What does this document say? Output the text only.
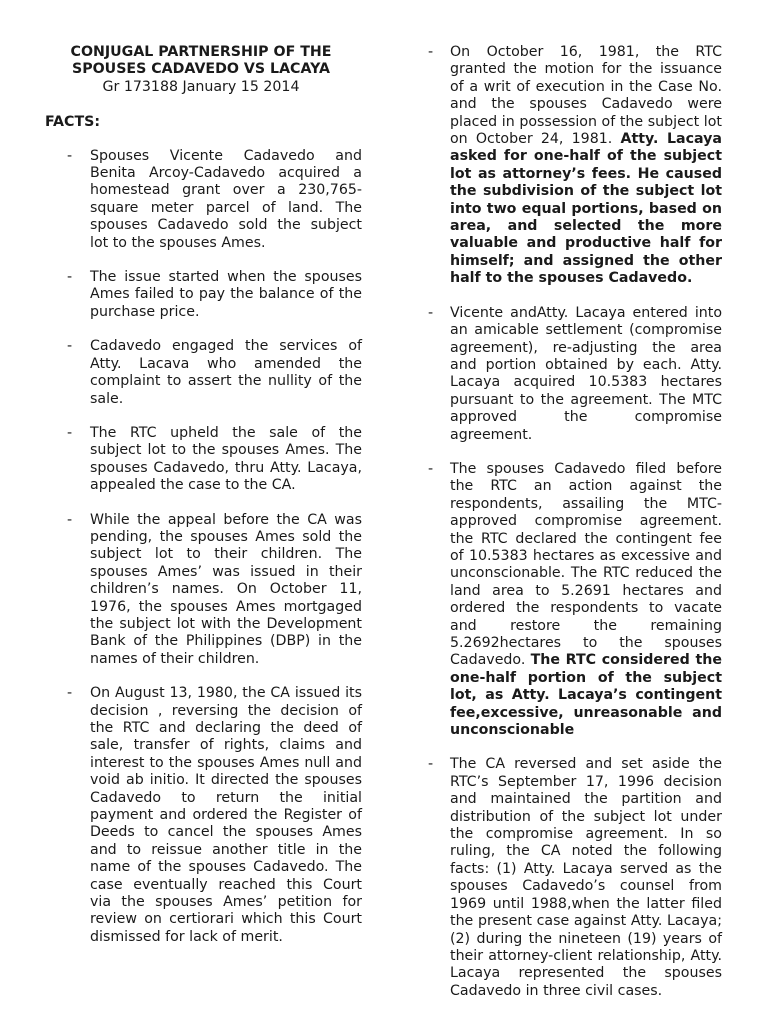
CONJUGAL PARTNERSHIP OF THE
SPOUSES CADAVEDO VS LACAYA
Gr 173188 January 15 2014
FACTS:
- Spouses Vicente Cadavedo and Benita Arcoy-Cadavedo acquired a homestead grant over a 230,765-square meter parcel of land. The spouses Cadavedo sold the subject lot to the spouses Ames.
- The issue started when the spouses Ames failed to pay the balance of the purchase price.
- Cadavedo engaged the services of Atty. Lacava who amended the complaint to assert the nullity of the sale.
- The RTC upheld the sale of the subject lot to the spouses Ames. The spouses Cadavedo, thru Atty. Lacaya, appealed the case to the CA.
- While the appeal before the CA was pending, the spouses Ames sold the subject lot to their children. The spouses Ames’ was issued in their children’s names. On October 11, 1976, the spouses Ames mortgaged the subject lot with the Development Bank of the Philippines (DBP) in the names of their children.
- On August 13, 1980, the CA issued its decision , reversing the decision of the RTC and declaring the deed of sale, transfer of rights, claims and interest to the spouses Ames null and void ab initio. It directed the spouses Cadavedo to return the initial payment and ordered the Register of Deeds to cancel the spouses Ames and to reissue another title in the name of the spouses Cadavedo. The case eventually reached this Court via the spouses Ames’ petition for review on certiorari which this Court dismissed for lack of merit.
- On October 16, 1981, the RTC granted the motion for the issuance of a writ of execution in the Case No. and the spouses Cadavedo were placed in possession of the subject lot on October 24, 1981. Atty. Lacaya asked for one-half of the subject lot as attorney’s fees. He caused the subdivision of the subject lot into two equal portions, based on area, and selected the more valuable and productive half for himself; and assigned the other half to the spouses Cadavedo.
- Vicente andAtty. Lacaya entered into an amicable settlement (compromise agreement), re-adjusting the area and portion obtained by each. Atty. Lacaya acquired 10.5383 hectares pursuant to the agreement. The MTC approved the compromise agreement.
- The spouses Cadavedo filed before the RTC an action against the respondents, assailing the MTC-approved compromise agreement. the RTC declared the contingent fee of 10.5383 hectares as excessive and unconscionable. The RTC reduced the land area to 5.2691 hectares and ordered the respondents to vacate and restore the remaining 5.2692hectares to the spouses Cadavedo. The RTC considered the one-half portion of the subject lot, as Atty. Lacaya’s contingent fee,excessive, unreasonable and unconscionable
- The CA reversed and set aside the RTC’s September 17, 1996 decision and maintained the partition and distribution of the subject lot under the compromise agreement. In so ruling, the CA noted the following facts: (1) Atty. Lacaya served as the spouses Cadavedo’s counsel from 1969 until 1988,when the latter filed the present case against Atty. Lacaya; (2) during the nineteen (19) years of their attorney-client relationship, Atty. Lacaya represented the spouses Cadavedo in three civil cases.
